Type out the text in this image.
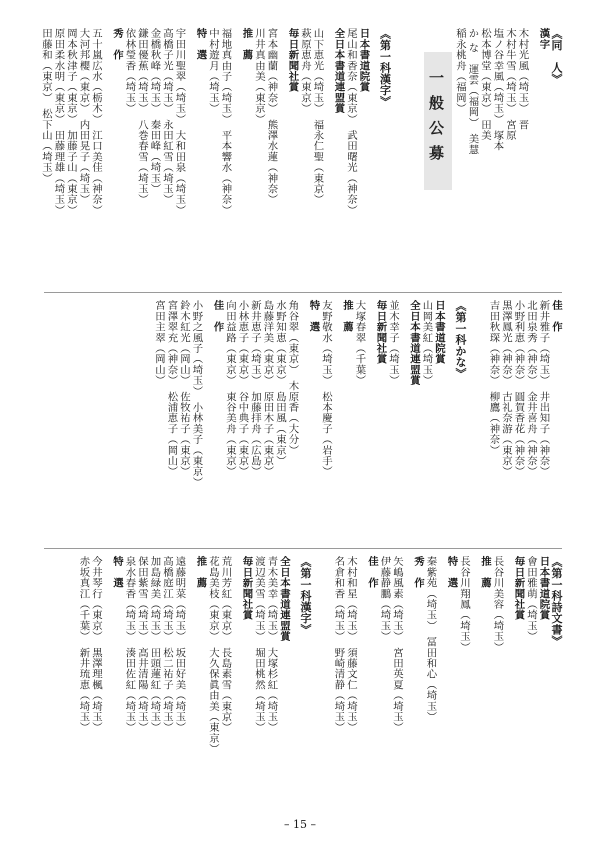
一般公募
《同　人》
漢字
木村光風（埼玉）　晋
木村牛雪（埼玉）　宮原
塩ノ谷幸風（埼玉）　塚本
松本博堂（東京）　田美
か な　運雲（福岡）　美慧
稲永桃舟（福岡）
《第一科漢字》
日本書道院賞
尾山和香奈（東京）　武田曙光（神奈）
全日本書道連盟賞
山下恵光（埼玉）　福永仁聖（東京）
萩原恵舟（東京）
毎日新聞社賞
宮本幽蘭（神奈）　熊澤水蓮（神奈）
川井真由美（東京）
推　薦
福地真由子（埼玉）　平本響水（神奈）
中村遊月（埼玉）
特　選
宇田川聖翠（埼玉）　大和田泉（埼玉）
高橋子光（埼玉）　永田紅雪（埼玉）
金橋秋峰（埼玉）　秦田峰（埼玉）
鎌田優蕉（埼玉）　八巻春雪（埼玉）
依林瑩香（埼玉）
秀　作
五十嵐広水（栃木）　江口美佳（神奈）
大河邦櫻（東京）　内田晃子（埼玉）
岡本秋津子（東京）　加藤子山（東京）
原田柔水明（東京）　田藤理雄（埼玉）
田藤和（東京）　松下山（埼玉）
佳　作
新井雅子（埼玉）　井出知子（神奈）
北田泉秀（神奈）　金井喜舟（神奈）
小野利恵（神奈）　圓賀香花（神奈）
黒澤鳳光（神奈）　古礼奈游（東京）
吉田秋琛（神奈）　柳鷹（神奈）
《第一科かな》
日本書道院賞
山岡美紅（埼玉）
全日本書道連盟賞
並木幸子（埼玉）
毎日新聞社賞
大塚春翠（千葉）
推　薦
友野敬水（埼玉）　松本慶子（岩手）
特　選
角谷翠（東京）　木原香（大分）
水野知恵（東京）　島田風（東京）
島藤洋美（東京）　原田木子（東京）
新井恵子（埼玉）　加藤拝舟（広島）
小林恵子（東京）　谷中典子（東京）
向田益路（東京）　東谷美舟（東京）
佳　作
小野之風子（埼玉）　小林美子（東京）
鈴木紅光（岡山）　佐牧祐子（東京）
宮澤翠充（神奈）　松浦恵子（岡山）
宮田主翠（岡山）
《第一科詩文書》
日本書道院賞
會田雅萌（埼玉）
毎日新聞社賞
長谷川美容（埼玉）
推　薦
長谷川翔鳳（埼玉）
特　選
秦紫苑（埼玉）　冨田和心（埼玉）
秀　作
矢嶋風素（埼玉）　宮田英夏（埼玉）
伊藤静鵬（埼玉）
佳　作
木村和星（埼玉）　須藤文仁（埼玉）
名倉和香（埼玉）　野崎清静（埼玉）
《第一科漢字》
全日本書道連盟賞
青木美幸（埼玉）　大塚杉紅（埼玉）
渡辺美雪（埼玉）　堀田桃然（埼玉）
毎日新聞社賞
荒川芳紅（東京）　長島素雪（東京）
花島美枝（東京）　大久保眞由美（東京）
推　薦
遠藤明菜（埼玉）　坂田好美（埼玉）
高橋庭江（埼玉）　松二祐子（埼玉）
加島緑美（埼玉）　田頭蓮紅（埼玉）
保田紫雪（埼玉）　高井清陽（埼玉）
泉水春香（埼玉）　湊田佐紅（埼玉）
特　選
今井琴行（東京）　黒澤理楓（埼玉）
赤坂真江（千葉）　新井琉恵（埼玉）
– 15 –
